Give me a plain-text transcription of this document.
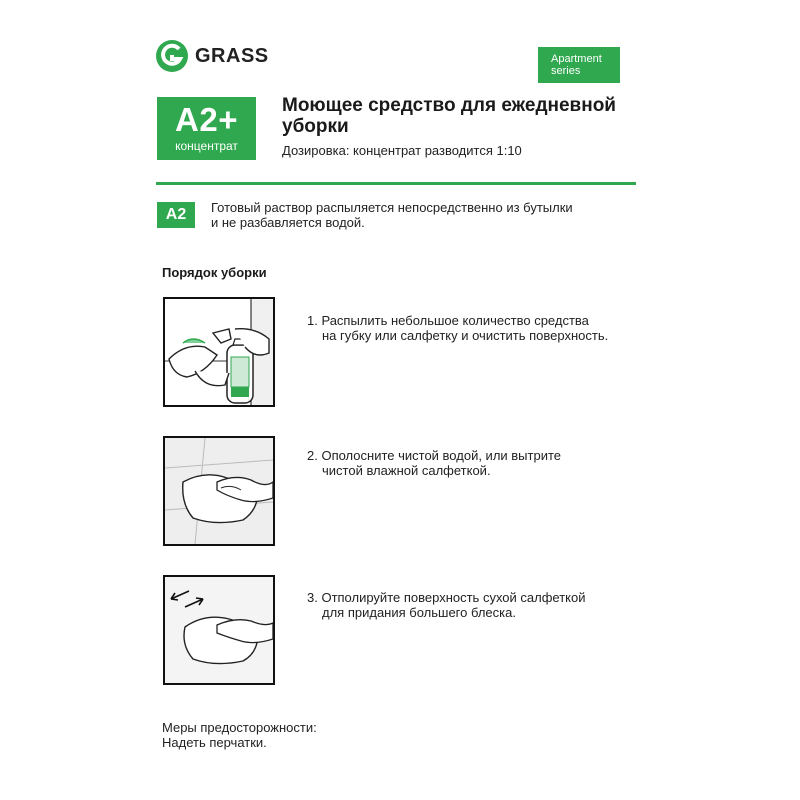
GRASS	Apartment
series
A2+
концентрат
Моющее средство для ежедневной
уборки
Дозировка: концентрат разводится 1:10
A2	Готовый раствор распыляется непосредственно из бутылки
и не разбавляется водой.
Порядок уборки
1. Распылить небольшое количество средства
на губку или салфетку и очистить поверхность.
2. Ополосните чистой водой, или вытрите
чистой влажной салфеткой.
3. Отполируйте поверхность сухой салфеткой
для придания большего блеска.
Меры предосторожности:
Надеть перчатки.
